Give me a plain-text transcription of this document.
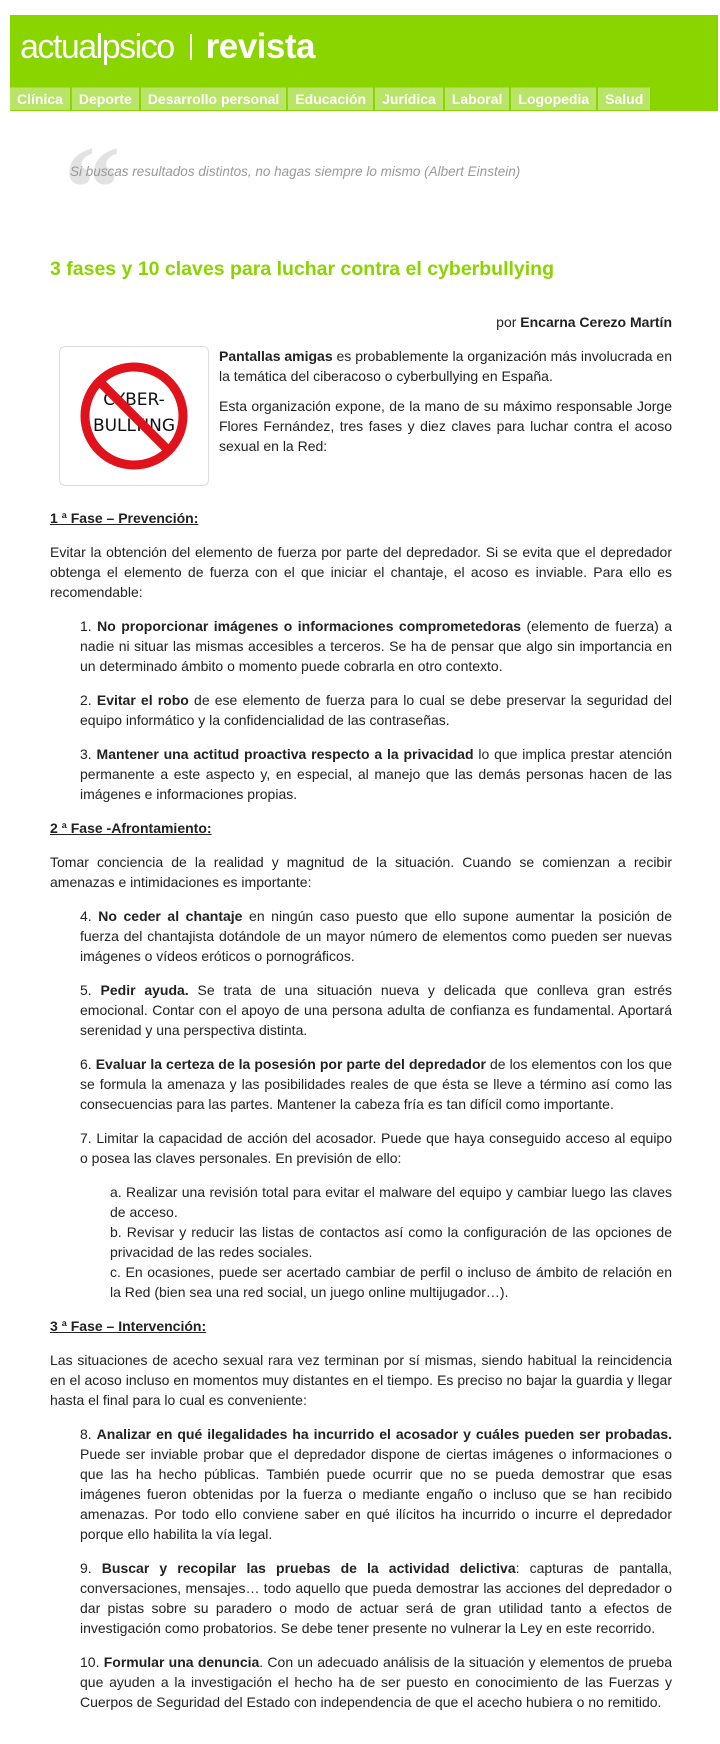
actualpsico revista
Clínica	Deporte	Desarrollo personal	Educación	Jurídica	Laboral	Logopedia	Salud
“
Si buscas resultados distintos, no hagas siempre lo mismo (Albert Einstein)
3 fases y 10 claves para luchar contra el cyberbullying
por Encarna Cerezo Martín
CYBER-
BULLYING

Pantallas amigas es probablemente la organización más involucrada en la temática del ciberacoso o cyberbullying en España.

Esta organización expone, de la mano de su máximo responsable Jorge Flores Fernández, tres fases y diez claves para luchar contra el acoso sexual en la Red:

1 ª Fase – Prevención:

Evitar la obtención del elemento de fuerza por parte del depredador. Si se evita que el depredador obtenga el elemento de fuerza con el que iniciar el chantaje, el acoso es inviable. Para ello es recomendable:

1. No proporcionar imágenes o informaciones comprometedoras (elemento de fuerza) a nadie ni situar las mismas accesibles a terceros. Se ha de pensar que algo sin importancia en un determinado ámbito o momento puede cobrarla en otro contexto.

2. Evitar el robo de ese elemento de fuerza para lo cual se debe preservar la seguridad del equipo informático y la confidencialidad de las contraseñas.

3. Mantener una actitud proactiva respecto a la privacidad lo que implica prestar atención permanente a este aspecto y, en especial, al manejo que las demás personas hacen de las imágenes e informaciones propias.

2 ª Fase -Afrontamiento:

Tomar conciencia de la realidad y magnitud de la situación. Cuando se comienzan a recibir amenazas e intimidaciones es importante:

4. No ceder al chantaje en ningún caso puesto que ello supone aumentar la posición de fuerza del chantajista dotándole de un mayor número de elementos como pueden ser nuevas imágenes o vídeos eróticos o pornográficos.

5. Pedir ayuda. Se trata de una situación nueva y delicada que conlleva gran estrés emocional. Contar con el apoyo de una persona adulta de confianza es fundamental. Aportará serenidad y una perspectiva distinta.

6. Evaluar la certeza de la posesión por parte del depredador de los elementos con los que se formula la amenaza y las posibilidades reales de que ésta se lleve a término así como las consecuencias para las partes. Mantener la cabeza fría es tan difícil como importante.

7. Limitar la capacidad de acción del acosador. Puede que haya conseguido acceso al equipo o posea las claves personales. En previsión de ello:

a. Realizar una revisión total para evitar el malware del equipo y cambiar luego las claves de acceso.
b. Revisar y reducir las listas de contactos así como la configuración de las opciones de privacidad de las redes sociales.
c. En ocasiones, puede ser acertado cambiar de perfil o incluso de ámbito de relación en la Red (bien sea una red social, un juego online multijugador…).

3 ª Fase – Intervención:

Las situaciones de acecho sexual rara vez terminan por sí mismas, siendo habitual la reincidencia en el acoso incluso en momentos muy distantes en el tiempo. Es preciso no bajar la guardia y llegar hasta el final para lo cual es conveniente:

8. Analizar en qué ilegalidades ha incurrido el acosador y cuáles pueden ser probadas. Puede ser inviable probar que el depredador dispone de ciertas imágenes o informaciones o que las ha hecho públicas. También puede ocurrir que no se pueda demostrar que esas imágenes fueron obtenidas por la fuerza o mediante engaño o incluso que se han recibido amenazas. Por todo ello conviene saber en qué ilícitos ha incurrido o incurre el depredador porque ello habilita la vía legal.

9. Buscar y recopilar las pruebas de la actividad delictiva: capturas de pantalla, conversaciones, mensajes… todo aquello que pueda demostrar las acciones del depredador o dar pistas sobre su paradero o modo de actuar será de gran utilidad tanto a efectos de investigación como probatorios. Se debe tener presente no vulnerar la Ley en este recorrido.

10. Formular una denuncia. Con un adecuado análisis de la situación y elementos de prueba que ayuden a la investigación el hecho ha de ser puesto en conocimiento de las Fuerzas y Cuerpos de Seguridad del Estado con independencia de que el acecho hubiera o no remitido.
